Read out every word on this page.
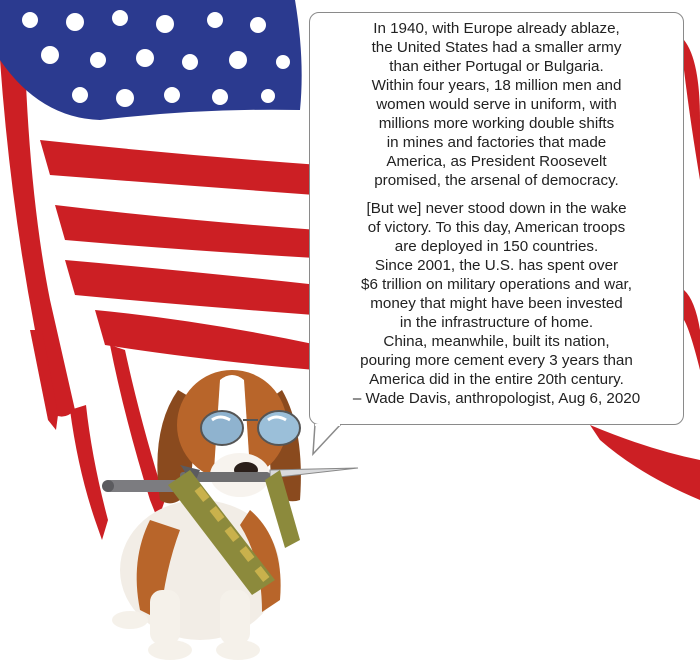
In 1940, with Europe already ablaze,
the United States had a smaller army
than either Portugal or Bulgaria.
Within four years, 18 million men and
women would serve in uniform, with
millions more working double shifts
in mines and factories that made
America, as President Roosevelt
promised, the arsenal of democracy.

[But we] never stood down in the wake
of victory. To this day, American troops
are deployed in 150 countries.
Since 2001, the U.S. has spent over
$6 trillion on military operations and war,
money that might have been invested
in the infrastructure of home.
China, meanwhile, built its nation,
pouring more cement every 3 years than
America did in the entire 20th century.
– Wade Davis, anthropologist, Aug 6, 2020
